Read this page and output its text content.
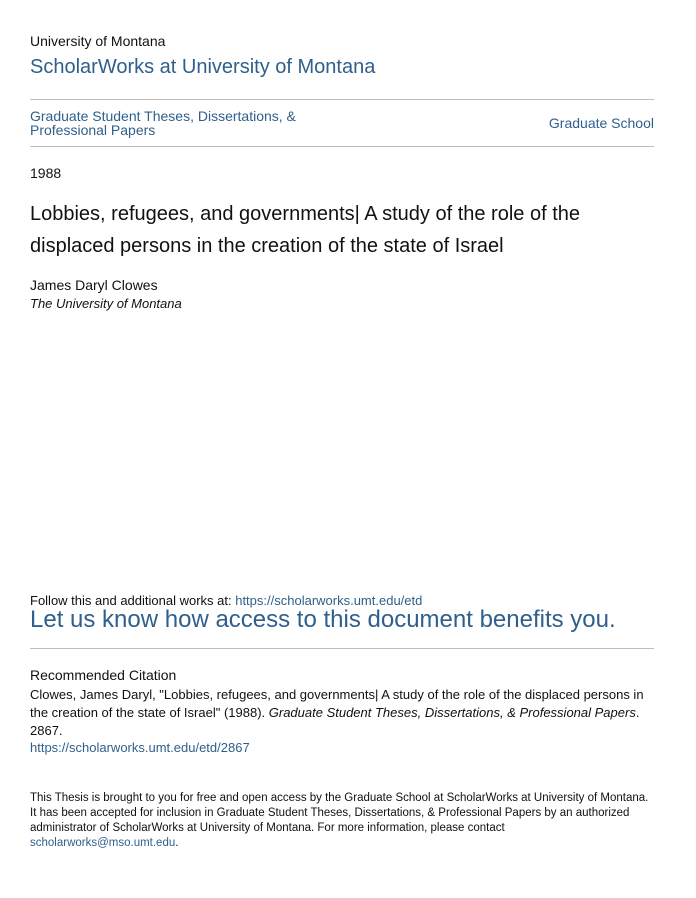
University of Montana
ScholarWorks at University of Montana
Graduate Student Theses, Dissertations, & Professional Papers	Graduate School
1988
Lobbies, refugees, and governments| A study of the role of the displaced persons in the creation of the state of Israel
James Daryl Clowes
The University of Montana
Follow this and additional works at: https://scholarworks.umt.edu/etd
Let us know how access to this document benefits you.
Recommended Citation
Clowes, James Daryl, "Lobbies, refugees, and governments| A study of the role of the displaced persons in the creation of the state of Israel" (1988). Graduate Student Theses, Dissertations, & Professional Papers. 2867.
https://scholarworks.umt.edu/etd/2867
This Thesis is brought to you for free and open access by the Graduate School at ScholarWorks at University of Montana. It has been accepted for inclusion in Graduate Student Theses, Dissertations, & Professional Papers by an authorized administrator of ScholarWorks at University of Montana. For more information, please contact scholarworks@mso.umt.edu.
